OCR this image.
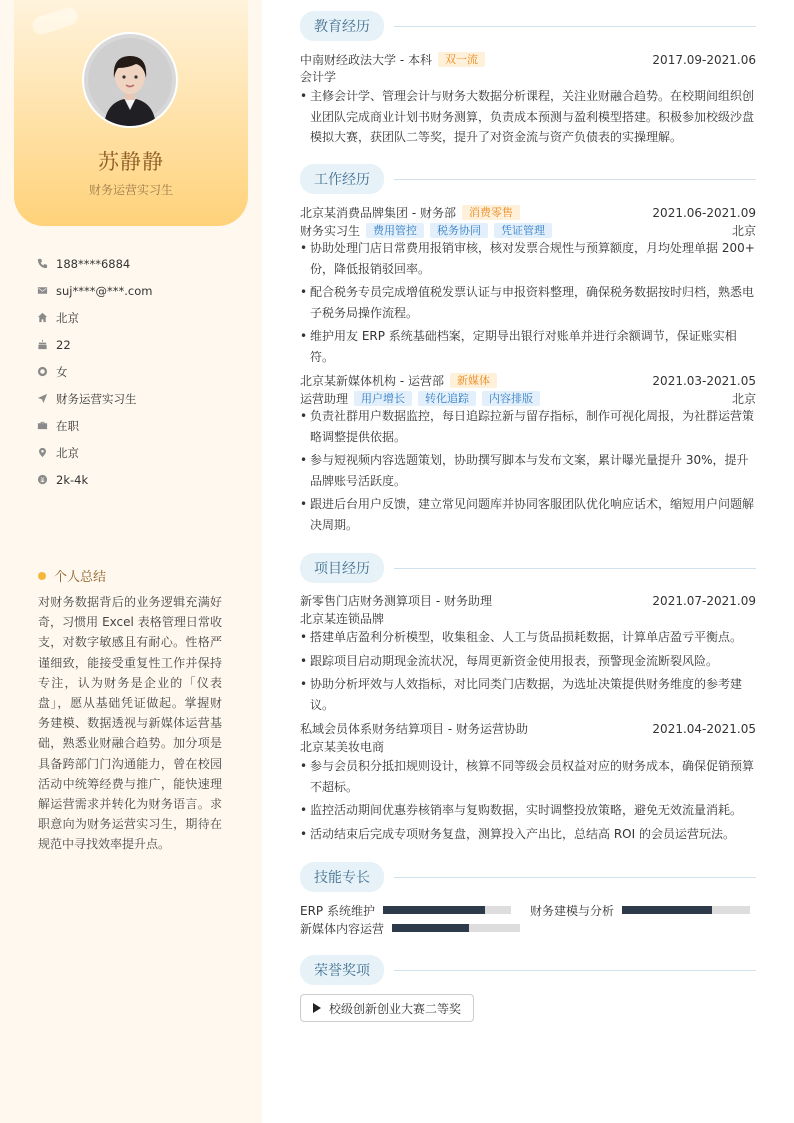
苏静静
财务运营实习生
188****6884
suj****@***.com
北京
22
女
财务运营实习生
在职
北京
2k-4k
个人总结
对财务数据背后的业务逻辑充满好奇，习惯用 Excel 表格管理日常收支，对数字敏感且有耐心。性格严谨细致，能接受重复性工作并保持专注，认为财务是企业的「仪表盘」，愿从基础凭证做起。掌握财务建模、数据透视与新媒体运营基础，熟悉业财融合趋势。加分项是具备跨部门门沟通能力，曾在校园活动中统筹经费与推广，能快速理解运营需求并转化为财务语言。求职意向为财务运营实习生，期待在规范中寻找效率提升点。
教育经历
中南财经政法大学 - 本科	双一流	2017.09-2021.06
会计学
• 主修会计学、管理会计与财务大数据分析课程，关注业财融合趋势。在校期间组织创业团队完成商业计划书财务测算，负责成本预测与盈利模型搭建。积极参加校级沙盘模拟大赛，获团队二等奖，提升了对资金流与资产负债表的实操理解。
工作经历
北京某消费品牌集团 - 财务部	消费零售	2021.06-2021.09
财务实习生	费用管控	税务协同	凭证管理	北京
• 协助处理门店日常费用报销审核，核对发票合规性与预算额度，月均处理单据 200+ 份，降低报销驳回率。
• 配合税务专员完成增值税发票认证与申报资料整理，确保税务数据按时归档，熟悉电子税务局操作流程。
• 维护用友 ERP 系统基础档案，定期导出银行对账单并进行余额调节，保证账实相符。
北京某新媒体机构 - 运营部	新媒体	2021.03-2021.05
运营助理	用户增长	转化追踪	内容排版	北京
• 负责社群用户数据监控，每日追踪拉新与留存指标，制作可视化周报，为社群运营策略调整提供依据。
• 参与短视频内容选题策划，协助撰写脚本与发布文案，累计曝光量提升 30%，提升品牌账号活跃度。
• 跟进后台用户反馈，建立常见问题库并协同客服团队优化响应话术，缩短用户问题解决周期。
项目经历
新零售门店财务测算项目 - 财务助理	2021.07-2021.09
北京某连锁品牌
• 搭建单店盈利分析模型，收集租金、人工与货品损耗数据，计算单店盈亏平衡点。
• 跟踪项目启动期现金流状况，每周更新资金使用报表，预警现金流断裂风险。
• 协助分析坪效与人效指标，对比同类门店数据，为选址决策提供财务维度的参考建议。
私域会员体系财务结算项目 - 财务运营协助	2021.04-2021.05
北京某美妆电商
• 参与会员积分抵扣规则设计，核算不同等级会员权益对应的财务成本，确保促销预算不超标。
• 监控活动期间优惠券核销率与复购数据，实时调整投放策略，避免无效流量消耗。
• 活动结束后完成专项财务复盘，测算投入产出比，总结高 ROI 的会员运营玩法。
技能专长
ERP 系统维护	财务建模与分析
新媒体内容运营
荣誉奖项
校级创新创业大赛二等奖
